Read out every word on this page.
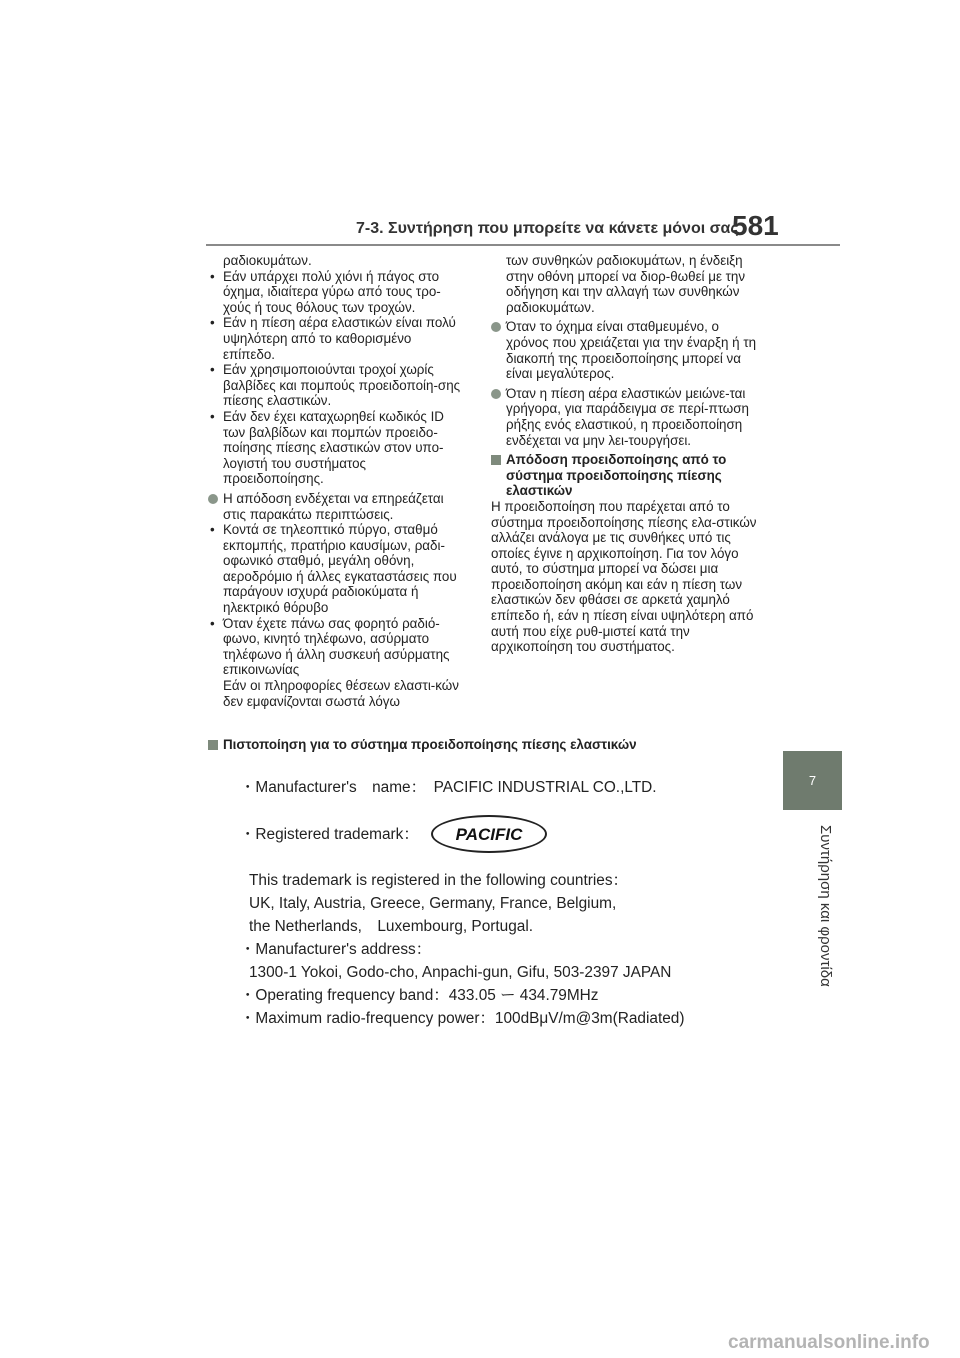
7-3. Συντήρηση που μπορείτε να κάνετε μόνοι σας
581
7
Συντήρηση και φροντίδα

ραδιοκυμάτων.

• Εάν υπάρχει πολύ χιόνι ή πάγος στο όχημα, ιδιαίτερα γύρω από τους τρο-χούς ή τους θόλους των τροχών.

• Εάν η πίεση αέρα ελαστικών είναι πολύ υψηλότερη από το καθορισμένο επίπεδο.

• Εάν χρησιμοποιούνται τροχοί χωρίς βαλβίδες και πομπούς προειδοποίη-σης πίεσης ελαστικών.

• Εάν δεν έχει καταχωρηθεί κωδικός ID των βαλβίδων και πομπών προειδο-ποίησης πίεσης ελαστικών στον υπο-λογιστή του συστήματος προειδοποίησης.

Η απόδοση ενδέχεται να επηρεάζεται στις παρακάτω περιπτώσεις.

• Κοντά σε τηλεοπτικό πύργο, σταθμό εκπομπής, πρατήριο καυσίμων, ραδι-οφωνικό σταθμό, μεγάλη οθόνη, αεροδρόμιο ή άλλες εγκαταστάσεις που παράγουν ισχυρά ραδιοκύματα ή ηλεκτρικό θόρυβο

• Όταν έχετε πάνω σας φορητό ραδιό-φωνο, κινητό τηλέφωνο, ασύρματο τηλέφωνο ή άλλη συσκευή ασύρματης επικοινωνίας

Εάν οι πληροφορίες θέσεων ελαστι-κών δεν εμφανίζονται σωστά λόγω

των συνθηκών ραδιοκυμάτων, η ένδειξη στην οθόνη μπορεί να διορ-θωθεί με την οδήγηση και την αλλαγή των συνθηκών ραδιοκυμάτων.

Όταν το όχημα είναι σταθμευμένο, ο χρόνος που χρειάζεται για την έναρξη ή τη διακοπή της προειδοποίησης μπορεί να είναι μεγαλύτερος.

Όταν η πίεση αέρα ελαστικών μειώνε-ται γρήγορα, για παράδειγμα σε περί-πτωση ρήξης ενός ελαστικού, η προειδοποίηση ενδέχεται να μην λει-τουργήσει.

Απόδοση προειδοποίησης από το σύστημα προειδοποίησης πίεσης ελαστικών

Η προειδοποίηση που παρέχεται από το σύστημα προειδοποίησης πίεσης ελα-στικών αλλάζει ανάλογα με τις συνθήκες υπό τις οποίες έγινε η αρχικοποίηση. Για τον λόγο αυτό, το σύστημα μπορεί να δώσει μια προειδοποίηση ακόμη και εάν η πίεση των ελαστικών δεν φθάσει σε αρκετά χαμηλό επίπεδο ή, εάν η πίεση είναι υψηλότερη από αυτή που είχε ρυθ-μιστεί κατά την αρχικοποίηση του συστήματος.

Πιστοποίηση για το σύστημα προειδοποίησης πίεσης ελαστικών

・Manufacturer's　name：　PACIFIC INDUSTRIAL CO.,LTD.

・Registered trademark： PACIFIC

This trademark is registered in the following countries：

UK, Italy, Austria, Greece, Germany, France, Belgium,

the Netherlands,　Luxembourg, Portugal.

・Manufacturer's address：

1300-1 Yokoi, Godo-cho, Anpachi-gun, Gifu, 503-2397 JAPAN

・Operating frequency band：433.05 ー 434.79MHz

・Maximum radio-frequency power：100dBμV/m@3m(Radiated)

carmanualsonline.info
